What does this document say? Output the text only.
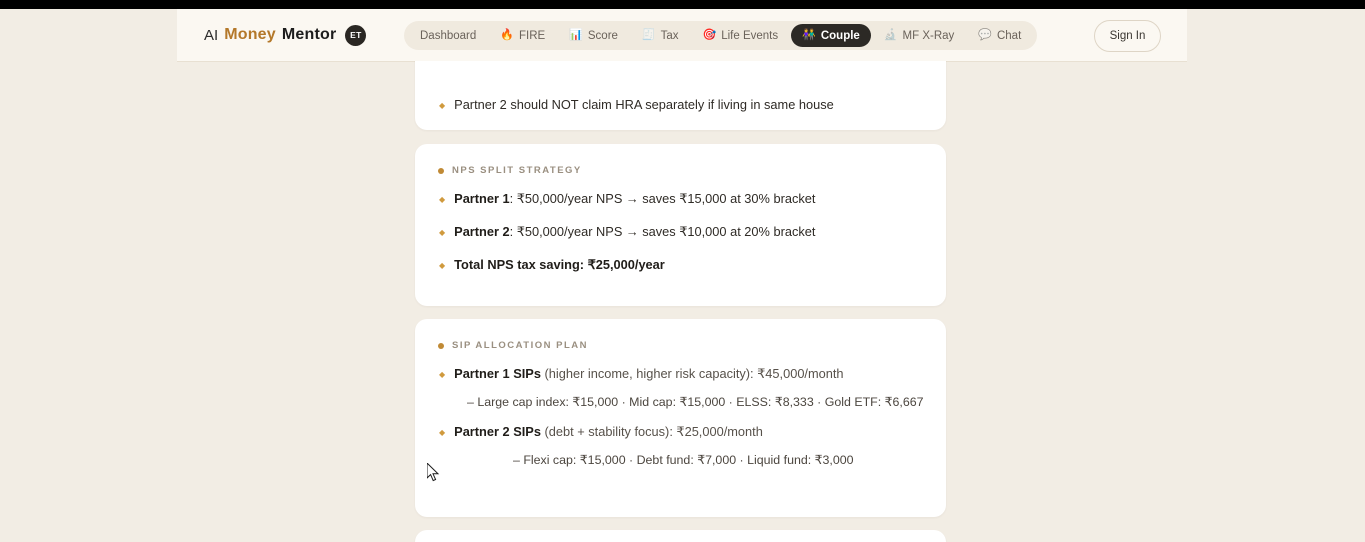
AI Money Mentor	ET	Dashboard 🔥 FIRE 📊 Score 🧾 Tax 🎯 Life Events 👫 Couple 🔬 MF X-Ray 💬 Chat	Sign In
◆ Partner 2 should NOT claim HRA separately if living in same house
NPS SPLIT STRATEGY
◆ Partner 1: ₹50,000/year NPS → saves ₹15,000 at 30% bracket
◆ Partner 2: ₹50,000/year NPS → saves ₹10,000 at 20% bracket
◆ Total NPS tax saving: ₹25,000/year
SIP ALLOCATION PLAN
◆ Partner 1 SIPs (higher income, higher risk capacity): ₹45,000/month
– Large cap index: ₹15,000 · Mid cap: ₹15,000 · ELSS: ₹8,333 · Gold ETF: ₹6,667
◆ Partner 2 SIPs (debt + stability focus): ₹25,000/month
– Flexi cap: ₹15,000 · Debt fund: ₹7,000 · Liquid fund: ₹3,000
